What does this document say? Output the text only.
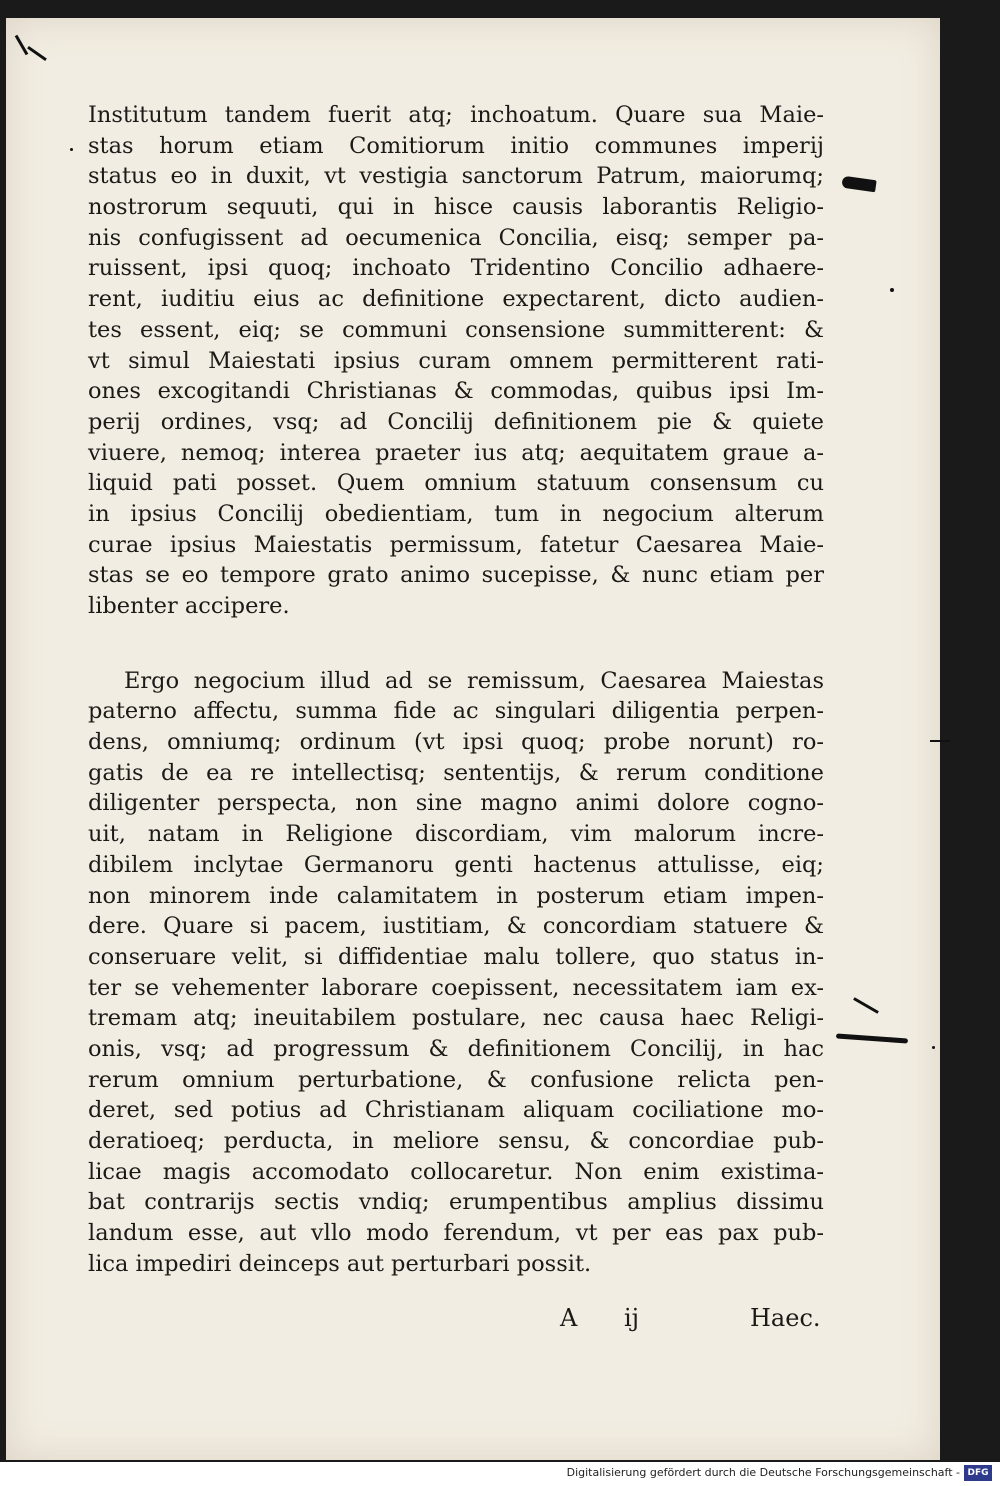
Institutum tandem fuerit atq; inchoatum. Quare sua Maie-
stas horum etiam Comitiorum initio communes imperij
status eo in duxit, vt vestigia sanctorum Patrum, maiorumq;
nostrorum sequuti, qui in hisce causis laborantis Religio-
nis confugissent ad oecumenica Concilia, eisq; semper pa-
ruissent, ipsi quoq; inchoato Tridentino Concilio adhaere-
rent, iuditiu eius ac definitione expectarent, dicto audien-
tes essent, eiq; se communi consensione summitterent: &
vt simul Maiestati ipsius curam omnem permitterent rati-
ones excogitandi Christianas & commodas, quibus ipsi Im-
perij ordines, vsq; ad Concilij definitionem pie & quiete
viuere, nemoq; interea praeter ius atq; aequitatem graue a-
liquid pati posset. Quem omnium statuum consensum cu
in ipsius Concilij obedientiam, tum in negocium alterum
curae ipsius Maiestatis permissum, fatetur Caesarea Maie-
stas se eo tempore grato animo sucepisse, & nunc etiam per
libenter accipere.
Ergo negocium illud ad se remissum, Caesarea Maiestas
paterno affectu, summa fide ac singulari diligentia perpen-
dens, omniumq; ordinum (vt ipsi quoq; probe norunt) ro-
gatis de ea re intellectisq; sententijs, & rerum conditione
diligenter perspecta, non sine magno animi dolore cogno-
uit, natam in Religione discordiam, vim malorum incre-
dibilem inclytae Germanoru genti hactenus attulisse, eiq;
non minorem inde calamitatem in posterum etiam impen-
dere. Quare si pacem, iustitiam, & concordiam statuere &
conseruare velit, si diffidentiae malu tollere, quo status in-
ter se vehementer laborare coepissent, necessitatem iam ex-
tremam atq; ineuitabilem postulare, nec causa haec Religi-
onis, vsq; ad progressum & definitionem Concilij, in hac
rerum omnium perturbatione, & confusione relicta pen-
deret, sed potius ad Christianam aliquam cociliatione mo-
deratioeq; perducta, in meliore sensu, & concordiae pub-
licae magis accomodato collocaretur. Non enim existima-
bat contrarijs sectis vndiq; erumpentibus amplius dissimu
landum esse, aut vllo modo ferendum, vt per eas pax pub-
lica impediri deinceps aut perturbari possit.
A ij	Haec.
Digitalisierung gefördert durch die Deutsche Forschungsgemeinschaft - DFG
